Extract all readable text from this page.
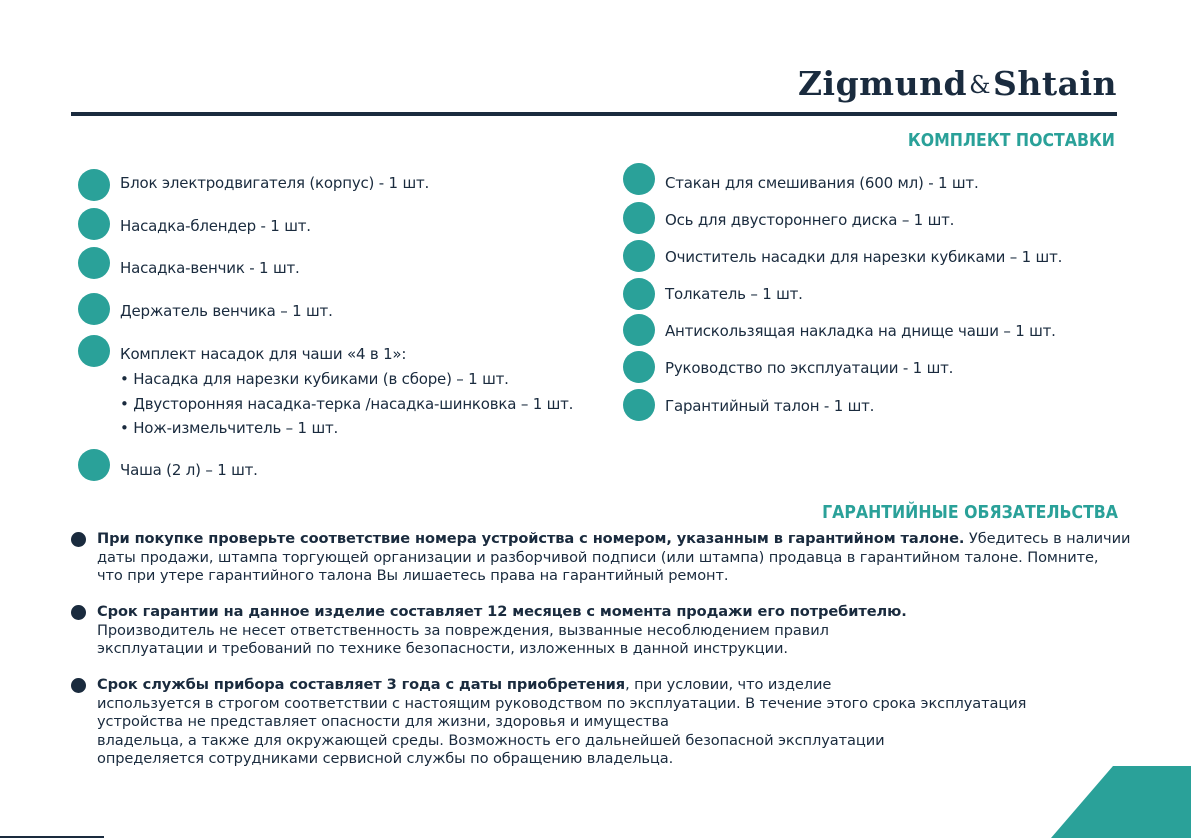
Zigmund&Shtain
КОМПЛЕКТ ПОСТАВКИ
Блок электродвигателя (корпус) - 1 шт.
Насадка-блендер - 1 шт.
Насадка-венчик - 1 шт.
Держатель венчика – 1 шт.
Комплект насадок для чаши «4 в 1»:
• Насадка для нарезки кубиками (в сборе) – 1 шт.
• Двусторонняя насадка-терка /насадка-шинковка – 1 шт.
• Нож-измельчитель – 1 шт.
Чаша (2 л) – 1 шт.
Стакан для смешивания (600 мл) - 1 шт.
Ось для двустороннего диска – 1 шт.
Очиститель насадки для нарезки кубиками – 1 шт.
Толкатель – 1 шт.
Антискользящая накладка на днище чаши – 1 шт.
Руководство по эксплуатации - 1 шт.
Гарантийный талон - 1 шт.
ГАРАНТИЙНЫЕ ОБЯЗАТЕЛЬСТВА
При покупке проверьте соответствие номера устройства с номером, указанным в гарантийном талоне. Убедитесь в наличии
даты продажи, штампа торгующей организации и разборчивой подписи (или штампа) продавца в гарантийном талоне. Помните,
что при утере гарантийного талона Вы лишаетесь права на гарантийный ремонт.
Срок гарантии на данное изделие составляет 12 месяцев с момента продажи его потребителю.
Производитель не несет ответственность за повреждения, вызванные несоблюдением правил
эксплуатации и требований по технике безопасности, изложенных в данной инструкции.
Срок службы прибора составляет 3 года с даты приобретения, при условии, что изделие
используется в строгом соответствии с настоящим руководством по эксплуатации. В течение этого срока эксплуатация
устройства не представляет опасности для жизни, здоровья и имущества
владельца, а также для окружающей среды. Возможность его дальнейшей безопасной эксплуатации
определяется сотрудниками сервисной службы по обращению владельца.
